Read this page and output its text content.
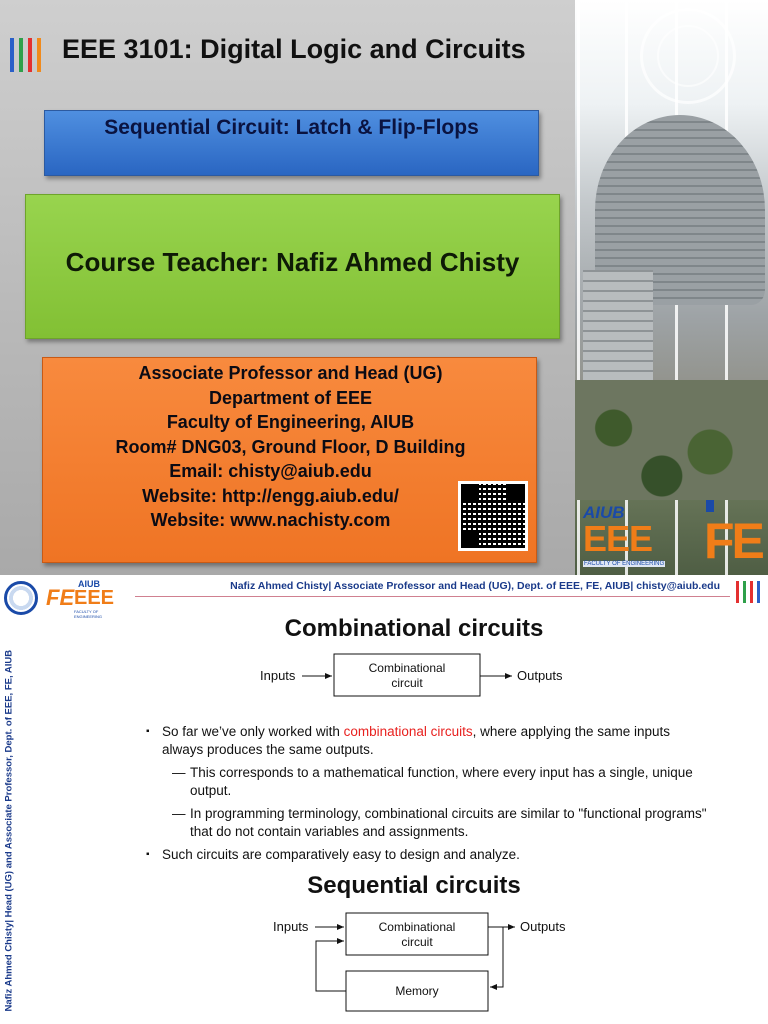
EEE 3101: Digital Logic and Circuits
Sequential Circuit: Latch & Flip-Flops
Course Teacher: Nafiz Ahmed Chisty
Associate Professor and Head (UG)
Department of EEE
Faculty of Engineering, AIUB
Room# DNG03, Ground Floor, D Building
Email: chisty@aiub.edu
Website: http://engg.aiub.edu/
Website: www.nachisty.com	AIUB
EEE
FACULTY OF ENGINEERING FE
FE
AIUB
EEE
FACULTY OF ENGINEERING
Nafiz Ahmed Chisty| Associate Professor and Head (UG), Dept. of EEE, FE, AIUB| chisty@aiub.edu
Nafiz Ahmed Chisty| Head (UG) and Associate Professor, Dept. of EEE, FE, AIUB
Combinational circuits
Inputs	Combinational
circuit	Outputs
▪ So far we’ve only worked with combinational circuits, where applying the same inputs always produces the same outputs.
— This corresponds to a mathematical function, where every input has a single, unique output.
— In programming terminology, combinational circuits are similar to "functional programs" that do not contain variables and assignments.
▪ Such circuits are comparatively easy to design and analyze.
Sequential circuits
Inputs	Combinational
circuit
Outputs
Memory
